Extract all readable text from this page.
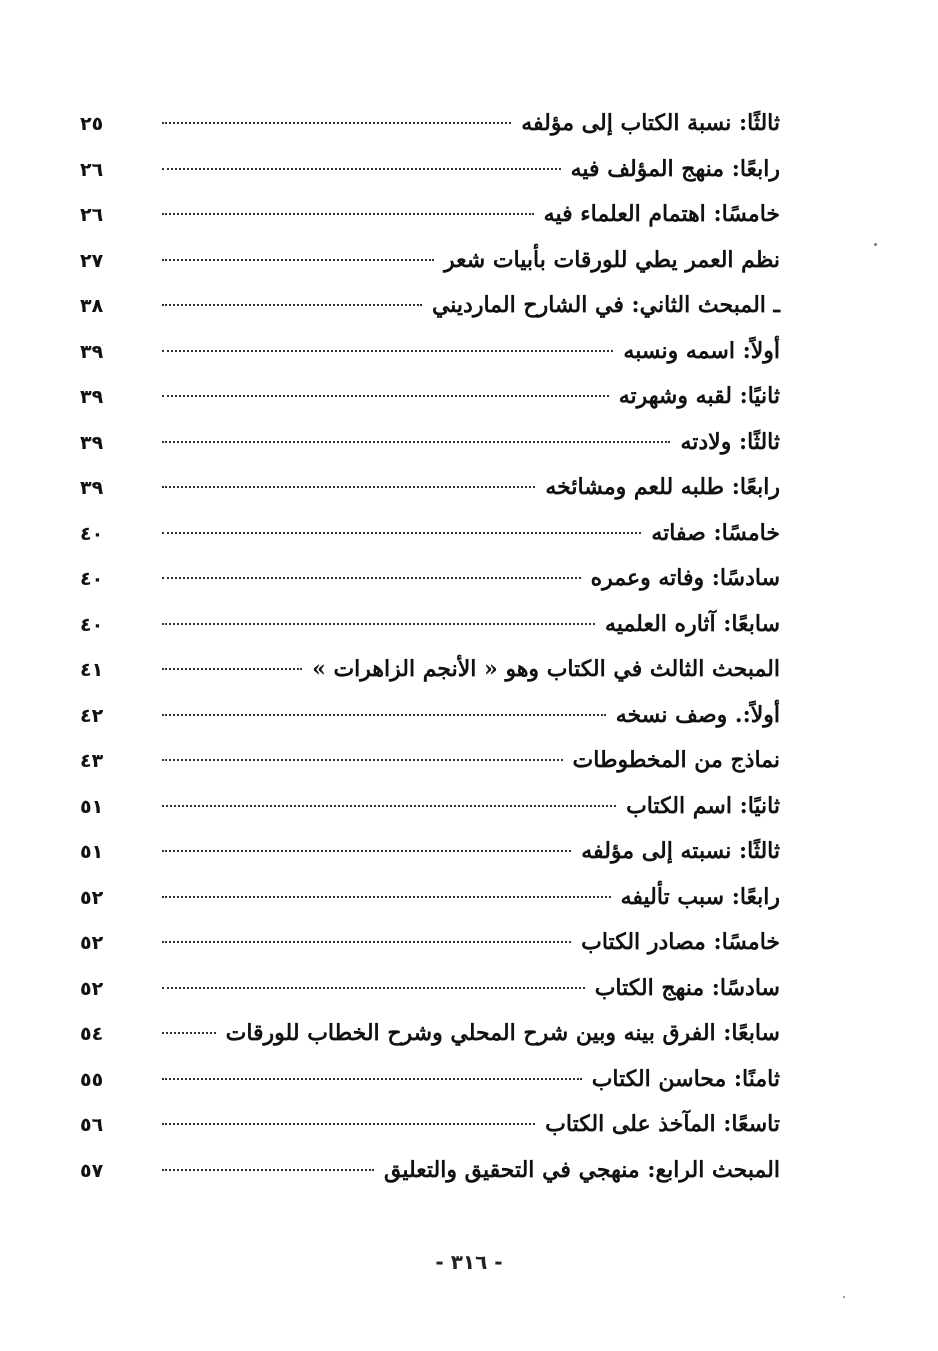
ثالثًا: نسبة الكتاب إلى مؤلفه
٢٥
رابعًا: منهج المؤلف فيه
٢٦
خامسًا: اهتمام العلماء فيه
٢٦
نظم العمر يطي للورقات بأبيات شعر
٢٧
ـ المبحث الثاني: في الشارح المارديني
٣٨
أولاً: اسمه ونسبه
٣٩
ثانيًا: لقبه وشهرته
٣٩
ثالثًا: ولادته
٣٩
رابعًا: طلبه للعم ومشائخه
٣٩
خامسًا: صفاته
٤٠
سادسًا: وفاته وعمره
٤٠
سابعًا: آثاره العلميه
٤٠
المبحث الثالث في الكتاب وهو « الأنجم الزاهرات »
٤١
أولاً:. وصف نسخه
٤٢
نماذج من المخطوطات
٤٣
ثانيًا: اسم الكتاب
٥١
ثالثًا: نسبته إلى مؤلفه
٥١
رابعًا: سبب تأليفه
٥٢
خامسًا: مصادر الكتاب
٥٢
سادسًا: منهج الكتاب
٥٢
سابعًا: الفرق بينه وبين شرح المحلي وشرح الخطاب للورقات
٥٤
ثامنًا: محاسن الكتاب
٥٥
تاسعًا: المآخذ على الكتاب
٥٦
المبحث الرابع: منهجي في التحقيق والتعليق
٥٧
- ٣١٦ -
